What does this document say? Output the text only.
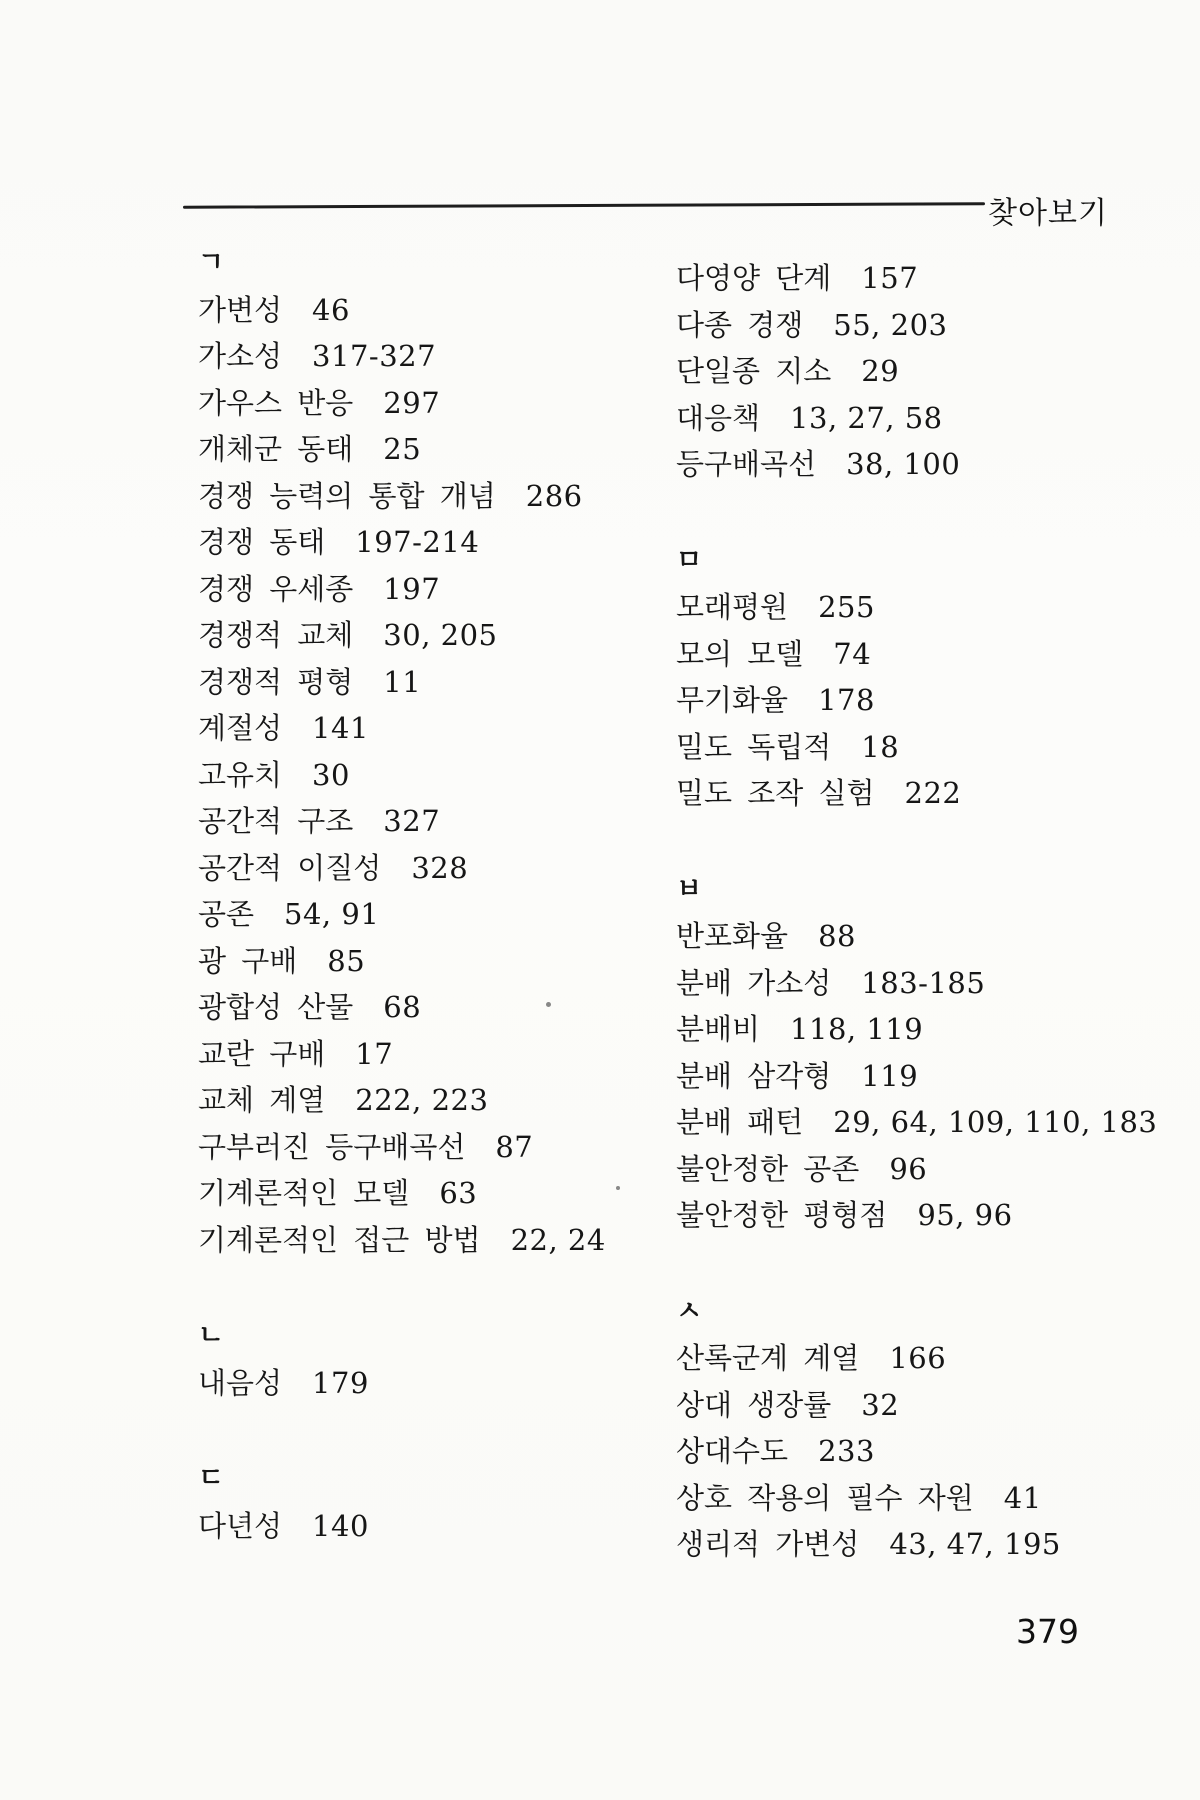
찾아보기
ㄱ
가변성 46
가소성 317-327
가우스 반응 297
개체군 동태 25
경쟁 능력의 통합 개념 286
경쟁 동태 197-214
경쟁 우세종 197
경쟁적 교체 30, 205
경쟁적 평형 11
계절성 141
고유치 30
공간적 구조 327
공간적 이질성 328
공존 54, 91
광 구배 85
광합성 산물 68
교란 구배 17
교체 계열 222, 223
구부러진 등구배곡선 87
기계론적인 모델 63
기계론적인 접근 방법 22, 24
ㄴ
내음성 179
ㄷ
다년성 140
다영양 단계 157
다종 경쟁 55, 203
단일종 지소 29
대응책 13, 27, 58
등구배곡선 38, 100
ㅁ
모래평원 255
모의 모델 74
무기화율 178
밀도 독립적 18
밀도 조작 실험 222
ㅂ
반포화율 88
분배 가소성 183-185
분배비 118, 119
분배 삼각형 119
분배 패턴 29, 64, 109, 110, 183
불안정한 공존 96
불안정한 평형점 95, 96
ㅅ
산록군계 계열 166
상대 생장률 32
상대수도 233
상호 작용의 필수 자원 41
생리적 가변성 43, 47, 195
379
